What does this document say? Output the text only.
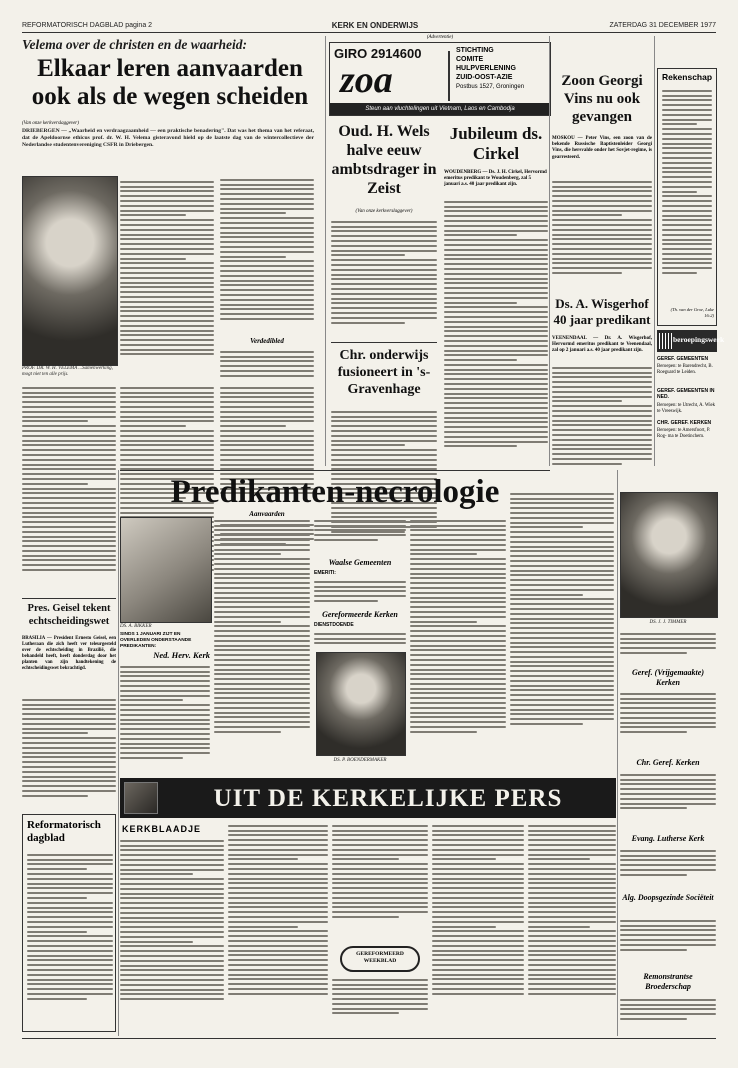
REFORMATORISCH DAGBLAD pagina 2	KERK EN ONDERWIJS	ZATERDAG 31 DECEMBER 1977
Velema over de christen en de waarheid:
Elkaar leren aanvaarden ook als de wegen scheiden
(Van onze kerkverslaggever)
DRIEBERGEN — „Waarheid en verdraagzaamheid — een praktische benadering". Dat was het thema van het referaat, dat de Apeldoornse ethicus prof. dr. W. H. Velema gisteravond hield op de laatste dag van de wintercollectieve der Nederlandse studentenvereniging CSFR in Driebergen.
PROF. DR. W. H. VELEMA ...Samenwerking, mogt niet ten alle prijs.
Verdedibled
Aanvaarden
(Advertentie)
GIRO 2914600
zoa
STICHTING
COMITE
HULPVERLENING
ZUID-OOST-AZIE
Postbus 1527, Groningen
Steun aan vluchtelingen uit Vietnam, Laos en Cambodja
Oud. H. Wels halve eeuw ambtsdrager in Zeist
(Van onze kerkverslaggever)
Jubileum ds. Cirkel
WOUDENBERG — Ds. J. H. Cirkel, Hervormd emeritus predikant te Woudenberg, zal 5 januari a.s. 40 jaar predikant zijn.
Chr. onderwijs fusioneert in 's-Gravenhage
Zoon Georgi Vins nu ook gevangen
MOSKOU — Peter Vins, een zoon van de bekende Russische Baptistenleider Georgi Vins, die hersvalde onder het Sovjet-regime, is gearresteerd.
Ds. A. Wisgerhof 40 jaar predikant
VEENENDAAL — Dr. A. Wisgerhof, Hervormd emeritus predikant te Veenendaal, zal op 2 januari a.s. 40 jaar predikant zijn.
Rekenschap
(Th. van der Groe, Luke 16:2)
beroepingswerk
GEREF. GEMEENTEN
Beroepen: te Barendrecht, B. Roeguard te Leiden.
GEREF. GEMEENTEN IN NED.
Beroepen: te Utrecht, A. Wiek te Vreeswijk.
CHR. GEREF. KERKEN
Beroepen: te Amersfoort, P. Rog- ma te Doetinchem.
Predikanten-necrologie
DS. A. BIKKER
SINDS 1 JANUARI ZIJT EN OVERLEDEN ONDERSTAANDE PREDIKANTEN:
Ned. Herv. Kerk
Waalse Gemeenten
EMERITI:
Gereformeerde Kerken
DIENSTDOENDE
DS. P. BOENDERMAKER
DS. J. J. TIMMER
Geref. (Vrijgemaakte) Kerken
Chr. Geref. Kerken
Evang. Lutherse Kerk
Alg. Doopsgezinde Sociëteit
Remonstrantse Broederschap
Pres. Geisel tekent echtscheidingswet
BRASILIA — President Ernesto Geisel, een Lutheraan die zich heeft ver teleurgesteld over de echtscheiding in Brazilië, die behandeld heeft, heeft donderdag door het planten van zijn handtekening de echtscheidingswet bekrachtigd.
Reformatorisch dagblad
UIT DE KERKELIJKE PERS
KERKBLAADJE
GEREFORMEERD WEEKBLAD
